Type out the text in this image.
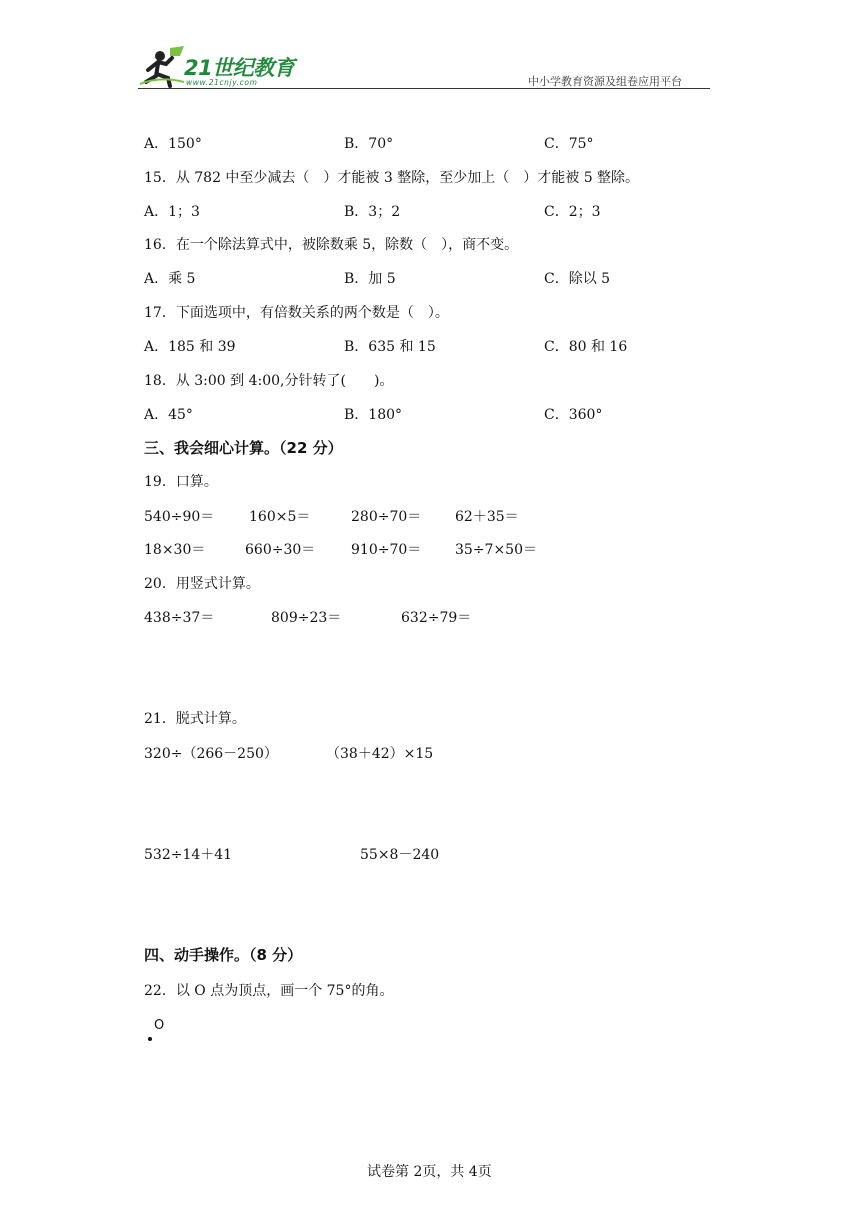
21世纪教育
www.21cnjy.com	中小学教育资源及组卷应用平台
A．150°	B．70°	C．75°
15．从 782 中至少减去（　）才能被 3 整除，至少加上（　）才能被 5 整除。
A．1；3	B．3；2	C．2；3
16．在一个除法算式中，被除数乘 5，除数（　），商不变。
A．乘 5	B．加 5	C．除以 5
17．下面选项中，有倍数关系的两个数是（　）。
A．185 和 39	B．635 和 15	C．80 和 16
18．从 3:00 到 4:00,分针转了(　　)。
A．45°	B．180°	C．360°
三、我会细心计算。（22 分）
19．口算。
540÷90＝ 160×5＝	280÷70＝ 62＋35＝
18×30＝	660÷30＝	910÷70＝ 35÷7×50＝
20．用竖式计算。
438÷37＝	809÷23＝	632÷79＝
21．脱式计算。
320÷（266－250）	（38＋42）×15
532÷14＋41	55×8－240
四、动手操作。（8 分）
22．以 O 点为顶点，画一个 75°的角。
O
试卷第 2页，共 4页
